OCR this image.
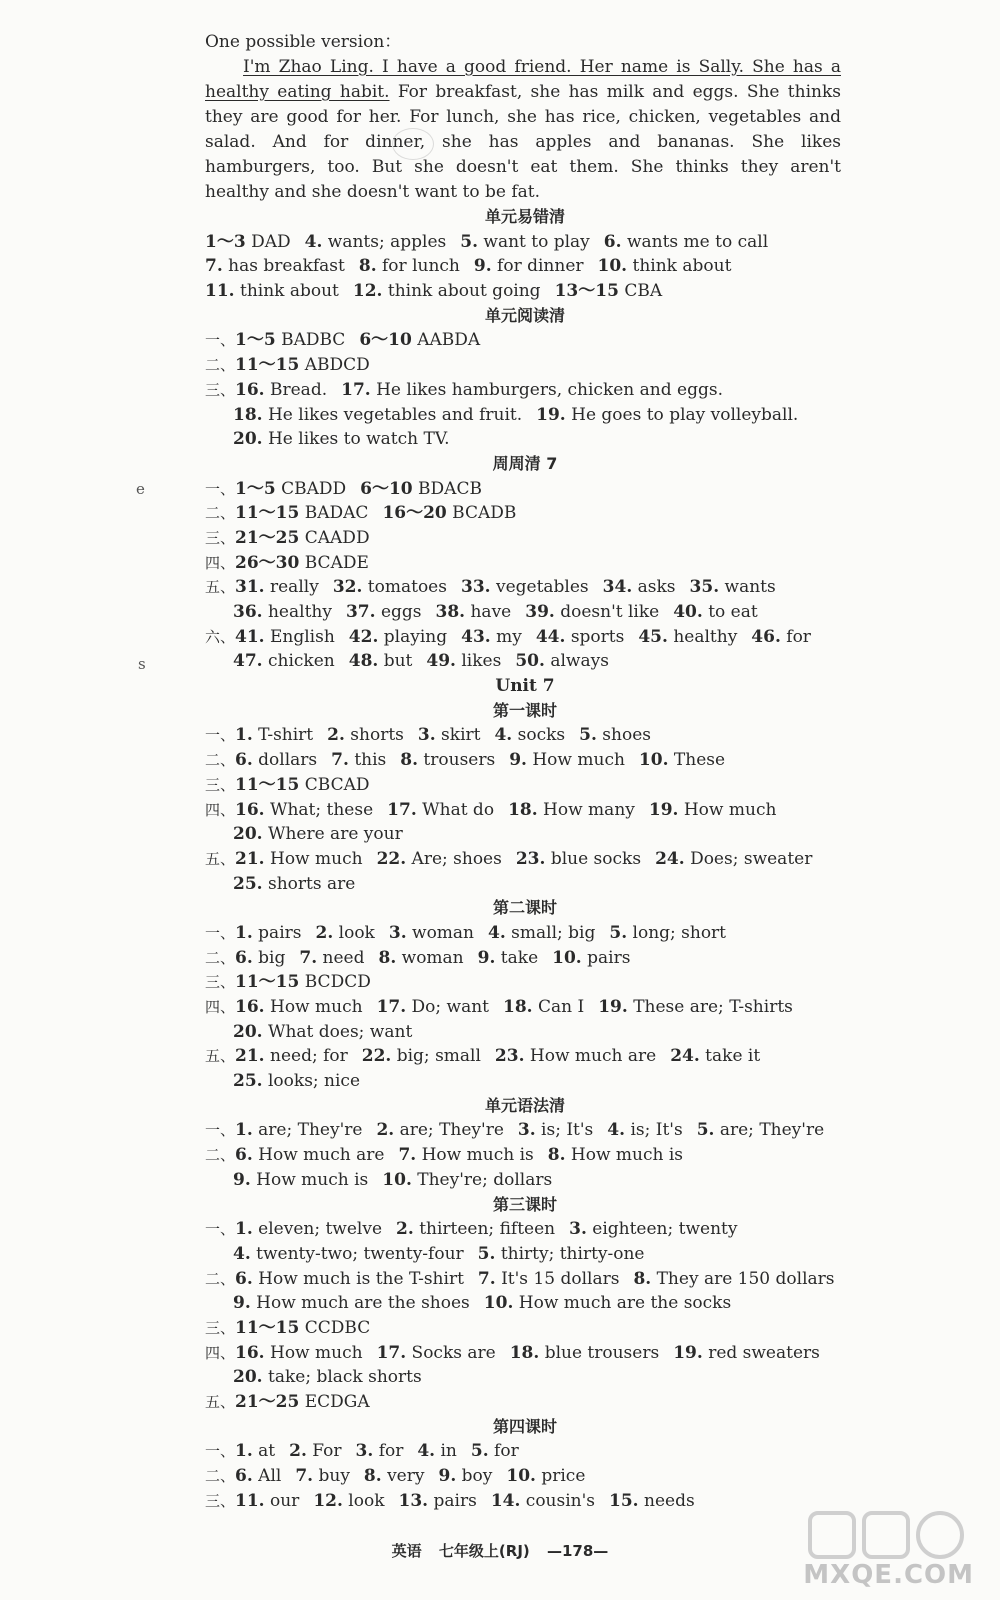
One possible version：

I'm Zhao Ling. I have a good friend. Her name is Sally. She has a healthy eating habit. For breakfast, she has milk and eggs. She thinks they are good for her. For lunch, she has rice, chicken, vegetables and salad. And for dinner, she has apples and bananas. She likes hamburgers, too. But she doesn't eat them. She thinks they aren't healthy and she doesn't want to be fat.

e
s
单元易错清
1～3 DAD 4. wants; apples 5. want to play 6. wants me to call
7. has breakfast 8. for lunch 9. for dinner 10. think about
11. think about 12. think about going 13～15 CBA
单元阅读清
一、1～5 BADBC 6～10 AABDA
二、11～15 ABDCD
三、16. Bread. 17. He likes hamburgers, chicken and eggs.
18. He likes vegetables and fruit. 19. He goes to play volleyball.
20. He likes to watch TV.
周周清 7
一、1～5 CBADD 6～10 BDACB
二、11～15 BADAC 16～20 BCADB
三、21～25 CAADD
四、26～30 BCADE
五、31. really 32. tomatoes 33. vegetables 34. asks 35. wants
36. healthy 37. eggs 38. have 39. doesn't like 40. to eat
六、41. English 42. playing 43. my 44. sports 45. healthy 46. for
47. chicken 48. but 49. likes 50. always
Unit 7
第一课时
一、1. T-shirt 2. shorts 3. skirt 4. socks 5. shoes
二、6. dollars 7. this 8. trousers 9. How much 10. These
三、11～15 CBCAD
四、16. What; these 17. What do 18. How many 19. How much
20. Where are your
五、21. How much 22. Are; shoes 23. blue socks 24. Does; sweater
25. shorts are
第二课时
一、1. pairs 2. look 3. woman 4. small; big 5. long; short
二、6. big 7. need 8. woman 9. take 10. pairs
三、11～15 BCDCD
四、16. How much 17. Do; want 18. Can I 19. These are; T-shirts
20. What does; want
五、21. need; for 22. big; small 23. How much are 24. take it
25. looks; nice
单元语法清
一、1. are; They're 2. are; They're 3. is; It's 4. is; It's 5. are; They're
二、6. How much are 7. How much is 8. How much is
9. How much is 10. They're; dollars
第三课时
一、1. eleven; twelve 2. thirteen; fifteen 3. eighteen; twenty
4. twenty-two; twenty-four 5. thirty; thirty-one
二、6. How much is the T-shirt 7. It's 15 dollars 8. They are 150 dollars
9. How much are the shoes 10. How much are the socks
三、11～15 CCDBC
四、16. How much 17. Socks are 18. blue trousers 19. red sweaters
20. take; black shorts
五、21～25 ECDGA
第四课时
一、1. at 2. For 3. for 4. in 5. for
二、6. All 7. buy 8. very 9. boy 10. price
三、11. our 12. look 13. pairs 14. cousin's 15. needs
英语 七年级上(RJ) —178—
MXQE.COM
